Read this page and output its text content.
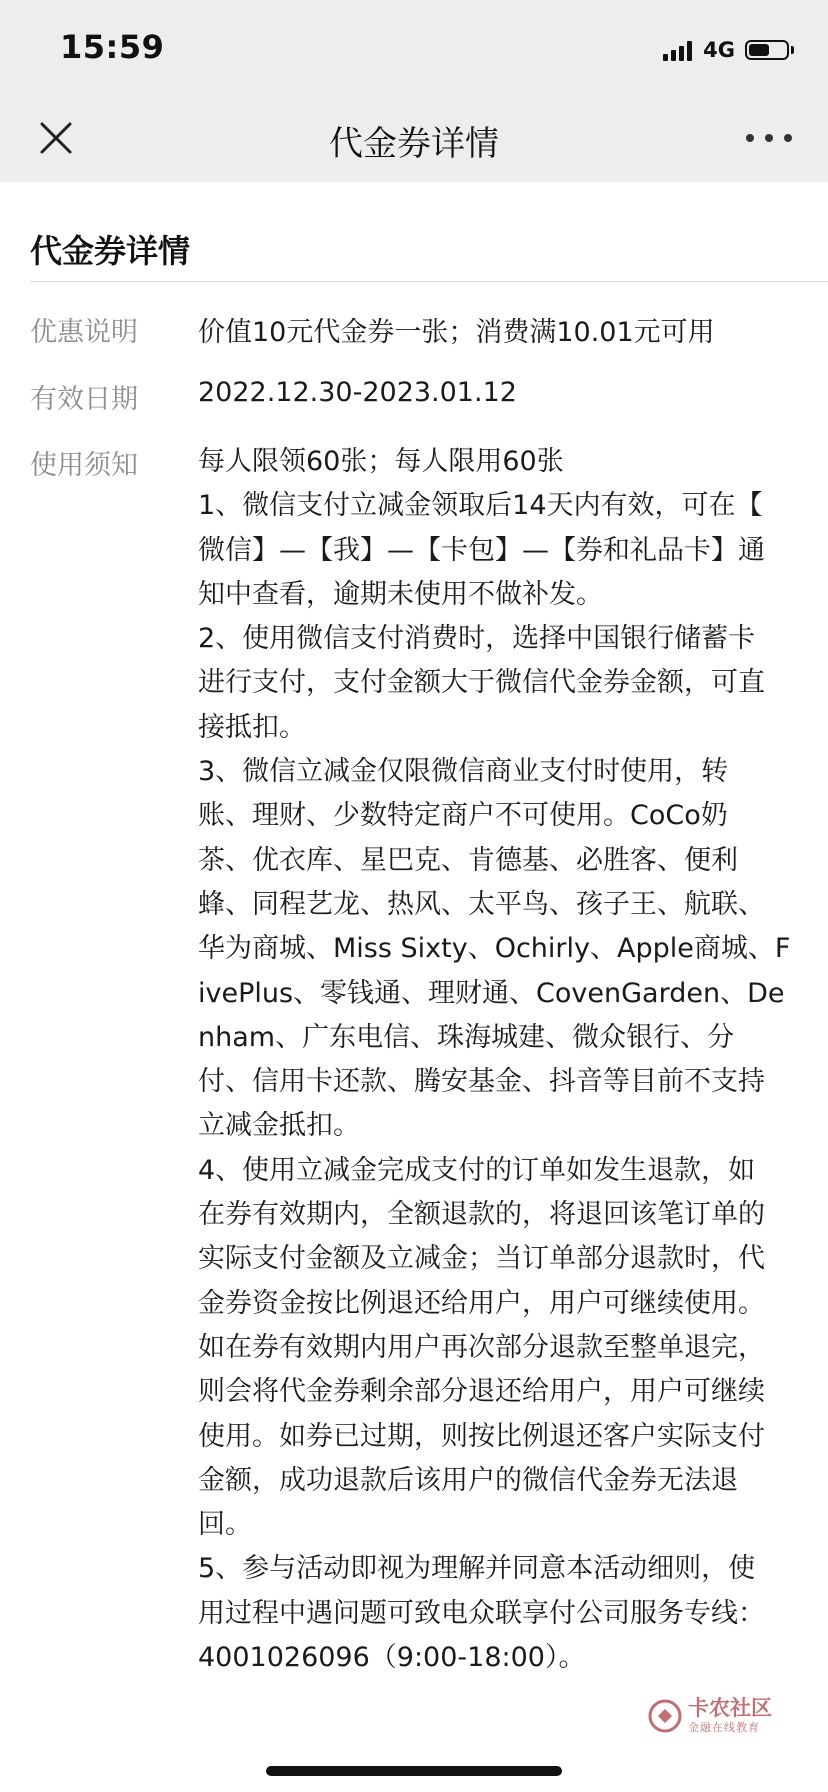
15:59	4G
代金券详情
代金券详情
优惠说明 价值10元代金券一张；消费满10.01元可用
有效日期 2022.12.30-2023.01.12
使用须知 每人限领60张；每人限用60张
1、微信支付立减金领取后14天内有效，可在【
微信】—【我】—【卡包】—【券和礼品卡】通
知中查看，逾期未使用不做补发。
2、使用微信支付消费时，选择中国银行储蓄卡
进行支付，支付金额大于微信代金券金额，可直
接抵扣。
3、微信立减金仅限微信商业支付时使用，转
账、理财、少数特定商户不可使用。CoCo奶
茶、优衣库、星巴克、肯德基、必胜客、便利
蜂、同程艺龙、热风、太平鸟、孩子王、航联、
华为商城、Miss Sixty、Ochirly、Apple商城、F
ivePlus、零钱通、理财通、CovenGarden、De
nham、广东电信、珠海城建、微众银行、分
付、信用卡还款、腾安基金、抖音等目前不支持
立减金抵扣。
4、使用立减金完成支付的订单如发生退款，如
在券有效期内，全额退款的，将退回该笔订单的
实际支付金额及立减金；当订单部分退款时，代
金券资金按比例退还给用户，用户可继续使用。
如在券有效期内用户再次部分退款至整单退完，
则会将代金券剩余部分退还给用户，用户可继续
使用。如券已过期，则按比例退还客户实际支付
金额，成功退款后该用户的微信代金券无法退
回。
5、参与活动即视为理解并同意本活动细则，使
用过程中遇问题可致电众联享付公司服务专线：
4001026096（9:00-18:00）。
卡农社区
金融在线教育
